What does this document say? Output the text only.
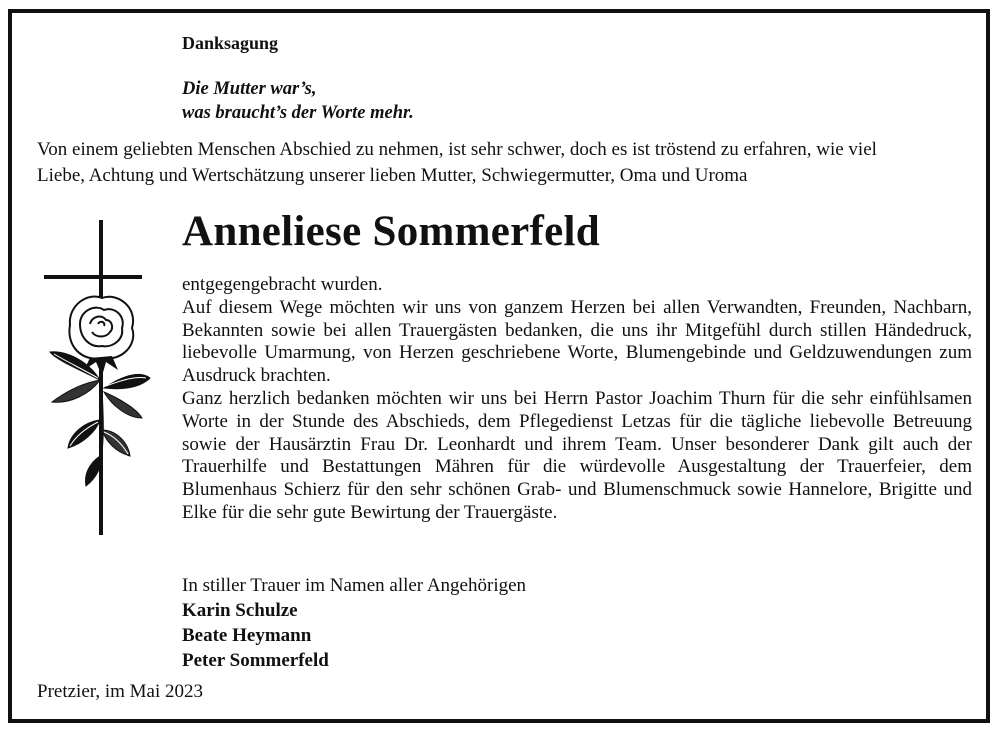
Danksagung
Die Mutter war’s,
was braucht’s der Worte mehr.
Von einem geliebten Menschen Abschied zu nehmen, ist sehr schwer, doch es ist tröstend zu erfahren, wie viel
Liebe, Achtung und Wertschätzung unserer lieben Mutter, Schwiegermutter, Oma und Uroma
Anneliese Sommerfeld

entgegengebracht wurden.

Auf diesem Wege möchten wir uns von ganzem Herzen bei allen Verwandten, Freunden, Nachbarn, Bekannten sowie bei allen Trauergästen bedanken, die uns ihr Mitgefühl durch stillen Händedruck, liebevolle Umarmung, von Herzen geschriebene Worte, Blumengebinde und Geldzuwendungen zum Ausdruck brachten.

Ganz herzlich bedanken möchten wir uns bei Herrn Pastor Joachim Thurn für die sehr einfühlsamen Worte in der Stunde des Abschieds, dem Pflegedienst Letzas für die tägliche liebevolle Betreuung sowie der Hausärztin Frau Dr. Leonhardt und ihrem Team. Unser besonderer Dank gilt auch der Trauerhilfe und Bestattungen Mähren für die würdevolle Ausgestaltung der Trauerfeier, dem Blumenhaus Schierz für den sehr schönen Grab- und Blumenschmuck sowie Hannelore, Brigitte und Elke für die sehr gute Bewirtung der Trauergäste.

In stiller Trauer im Namen aller Angehörigen
Karin Schulze
Beate Heymann
Peter Sommerfeld
Pretzier, im Mai 2023
